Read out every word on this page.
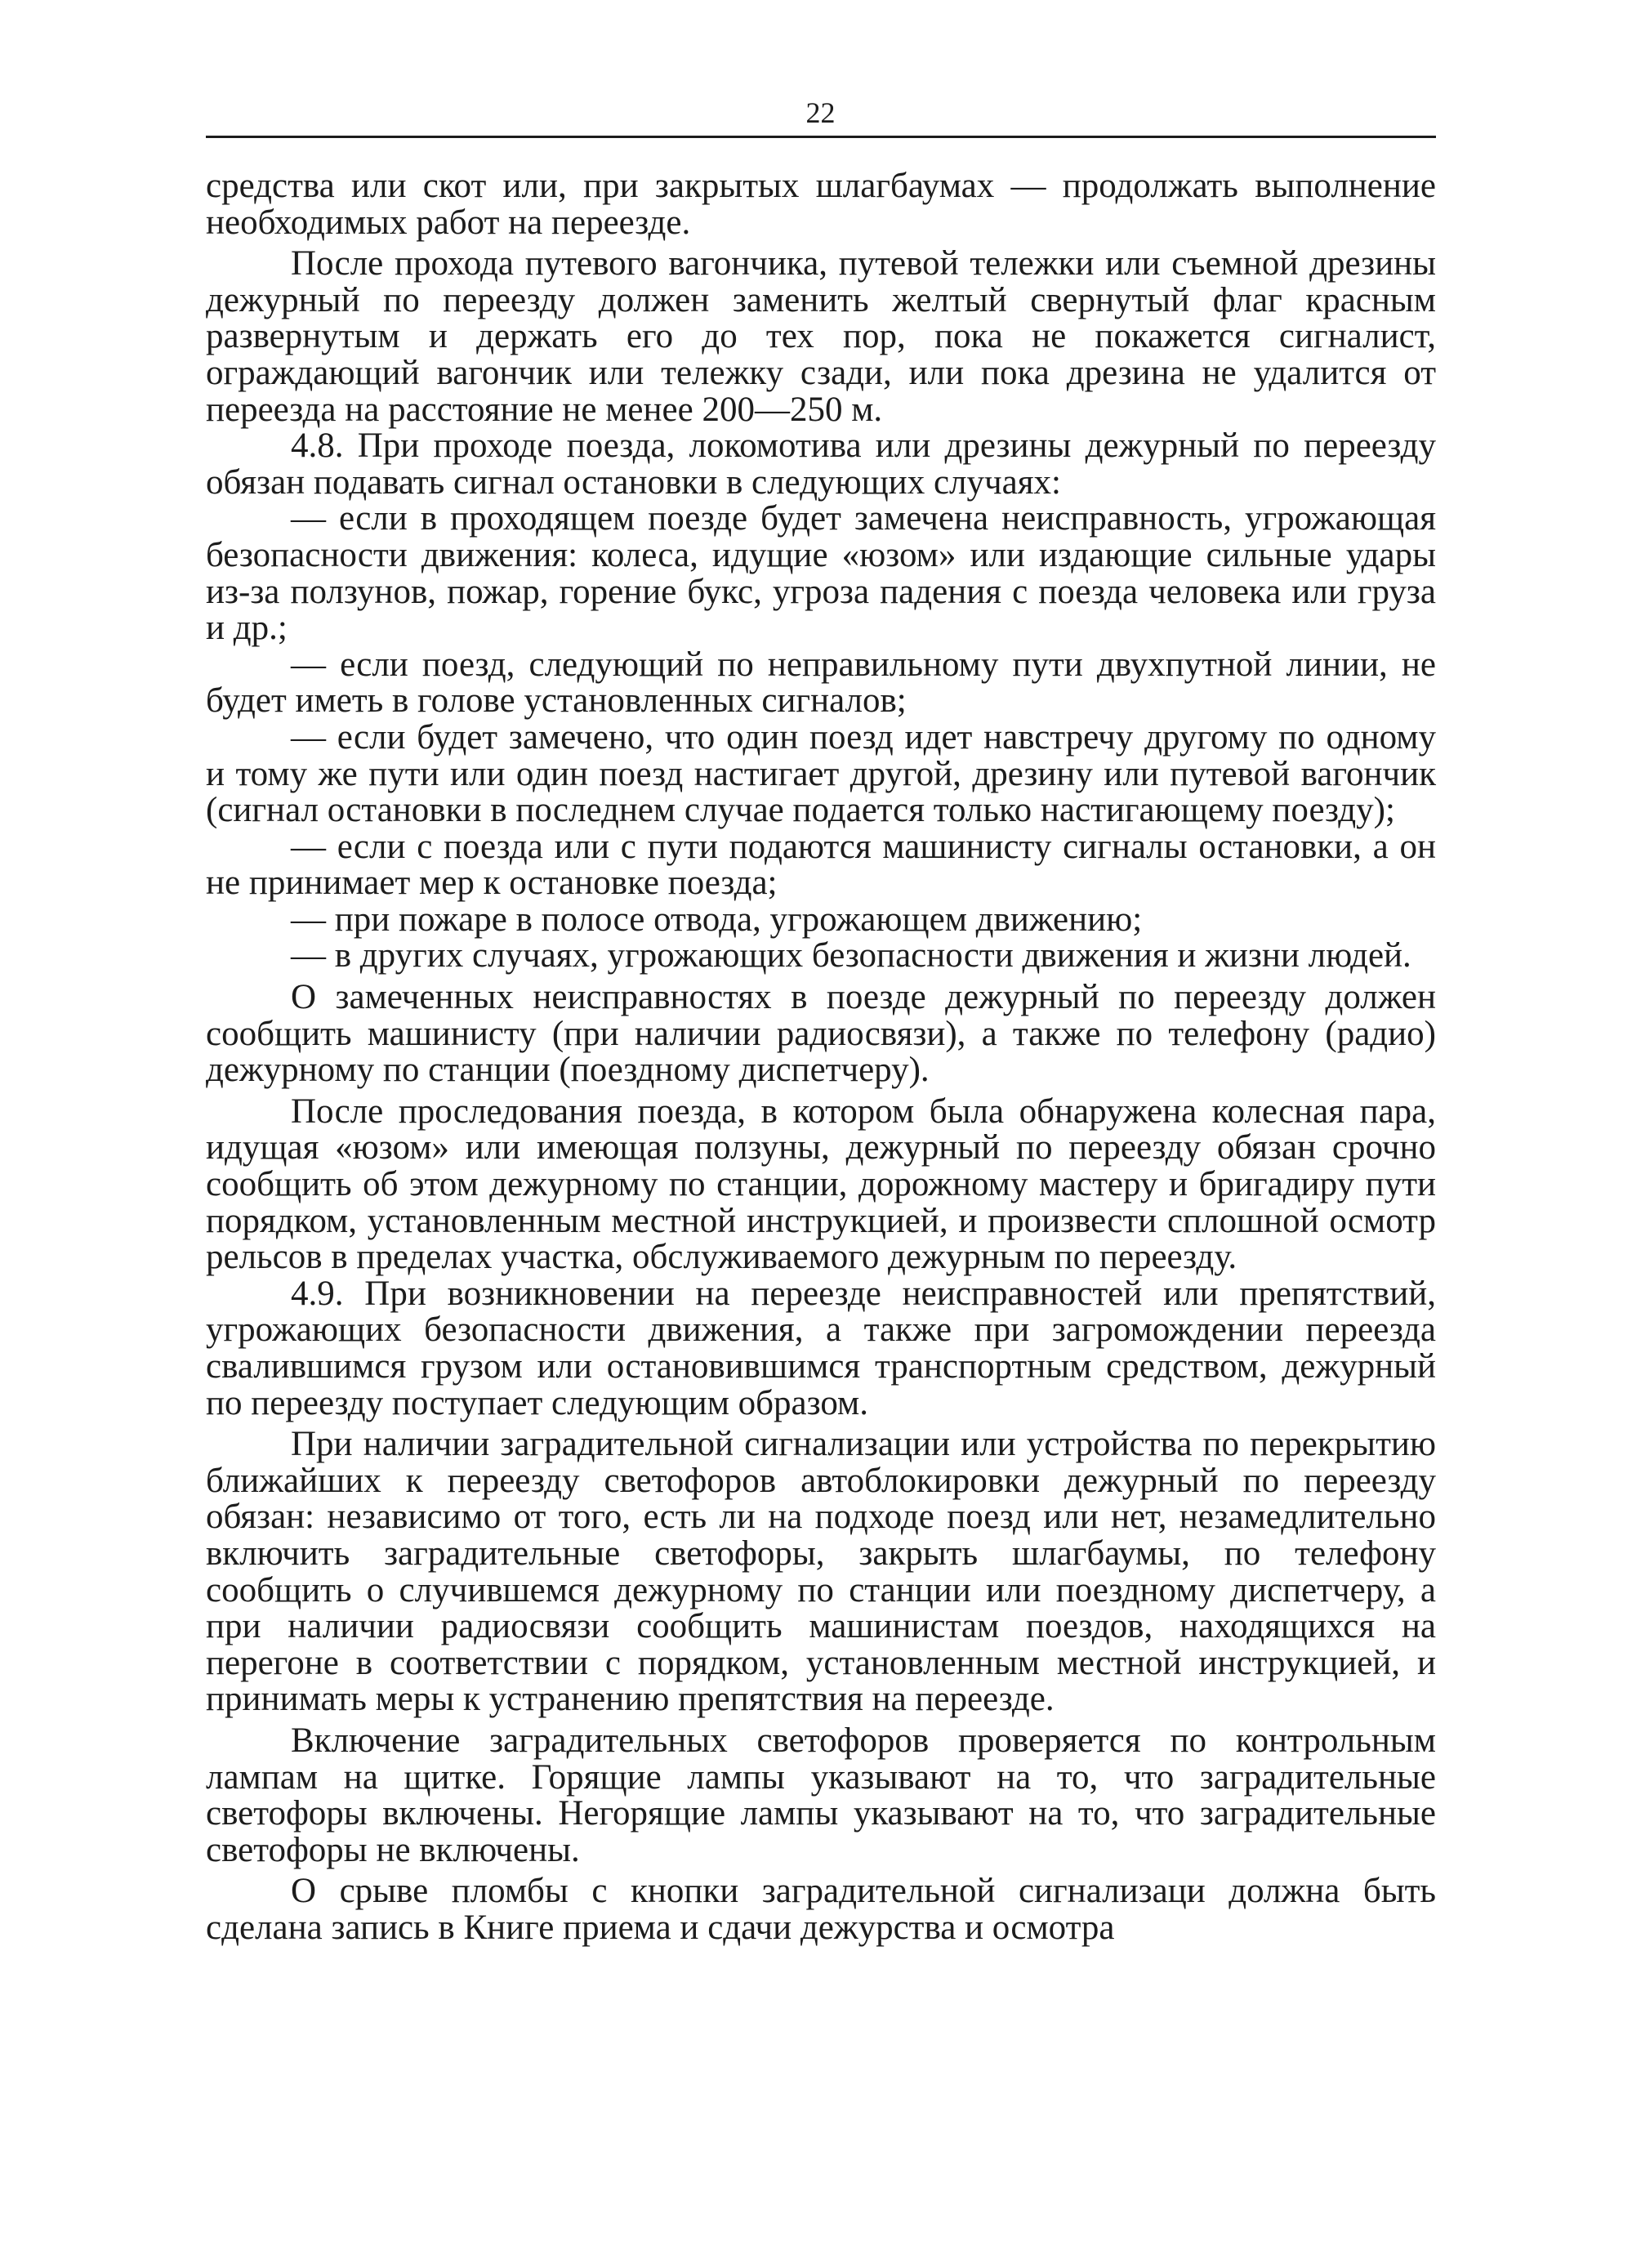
22

средства или скот или, при закрытых шлагбаумах — продолжать выполнение необходимых работ на переезде.

После прохода путевого вагончика, путевой тележки или съемной дрезины дежурный по переезду должен заменить желтый свернутый флаг красным развернутым и держать его до тех пор, пока не покажется сигналист, ограждающий вагончик или тележку сзади, или пока дрезина не удалится от переезда на расстояние не менее 200—250 м.

4.8. При проходе поезда, локомотива или дрезины дежурный по переезду обязан подавать сигнал остановки в следующих случаях:

— если в проходящем поезде будет замечена неисправность, угрожающая безопасности движения: колеса, идущие «юзом» или издающие сильные удары из-за ползунов, пожар, горение букс, угроза падения с поезда человека или груза и др.;

— если поезд, следующий по неправильному пути двухпутной линии, не будет иметь в голове установленных сигналов;

— если будет замечено, что один поезд идет навстречу другому по одному и тому же пути или один поезд настигает другой, дрезину или путевой вагончик (сигнал остановки в последнем случае подается только настигающему поезду);

— если с поезда или с пути подаются машинисту сигналы остановки, а он не принимает мер к остановке поезда;

— при пожаре в полосе отвода, угрожающем движению;

— в других случаях, угрожающих безопасности движения и жизни людей.

О замеченных неисправностях в поезде дежурный по переезду должен сообщить машинисту (при наличии радиосвязи), а также по телефону (радио) дежурному по станции (поездному диспетчеру).

После проследования поезда, в котором была обнаружена колесная пара, идущая «юзом» или имеющая ползуны, дежурный по переезду обязан срочно сообщить об этом дежурному по станции, дорожному мастеру и бригадиру пути порядком, установленным местной инструкцией, и произвести сплошной осмотр рельсов в пределах участка, обслуживаемого дежурным по переезду.

4.9. При возникновении на переезде неисправностей или препятствий, угрожающих безопасности движения, а также при загромождении переезда свалившимся грузом или остановившимся транспортным средством, дежурный по переезду поступает следующим образом.

При наличии заградительной сигнализации или устройства по перекрытию ближайших к переезду светофоров автоблокировки дежурный по переезду обязан: независимо от того, есть ли на подходе поезд или нет, незамедлительно включить заградительные светофоры, закрыть шлагбаумы, по телефону сообщить о случившемся дежурному по станции или поездному диспетчеру, а при наличии радиосвязи сообщить машинистам поездов, находящихся на перегоне в соответствии с порядком, установленным местной инструкцией, и принимать меры к устранению препятствия на переезде.

Включение заградительных светофоров проверяется по контрольным лампам на щитке. Горящие лампы указывают на то, что заградительные светофоры включены. Негорящие лампы указывают на то, что заградительные светофоры не включены.

О срыве пломбы с кнопки заградительной сигнализаци должна быть сделана запись в Книге приема и сдачи дежурства и осмотра
